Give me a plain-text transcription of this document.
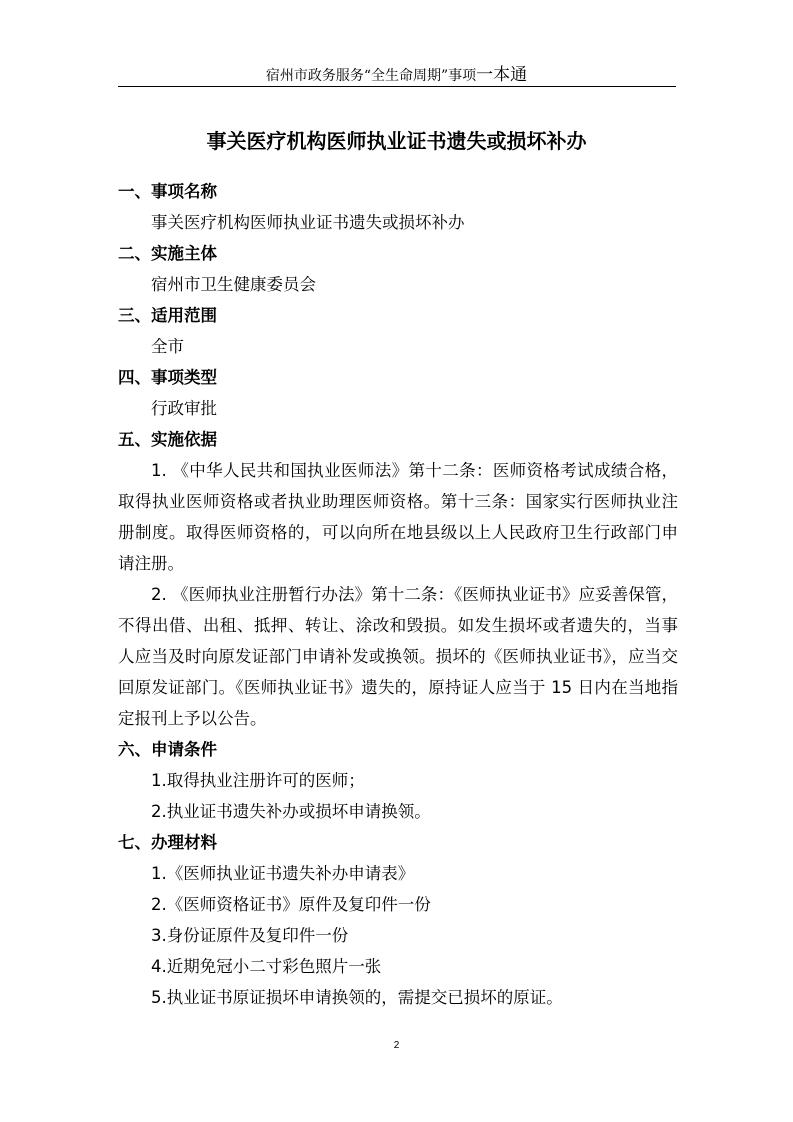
宿州市政务服务“全生命周期”事项一本通
事关医疗机构医师执业证书遗失或损坏补办
一、事项名称
事关医疗机构医师执业证书遗失或损坏补办
二、实施主体
宿州市卫生健康委员会
三、适用范围
全市
四、事项类型
行政审批
五、实施依据
1. 《中华人民共和国执业医师法》第十二条：医师资格考试成绩合格，取得执业医师资格或者执业助理医师资格。第十三条：国家实行医师执业注册制度。取得医师资格的，可以向所在地县级以上人民政府卫生行政部门申请注册。
2. 《医师执业注册暂行办法》第十二条：《医师执业证书》应妥善保管，不得出借、出租、抵押、转让、涂改和毁损。如发生损坏或者遗失的，当事人应当及时向原发证部门申请补发或换领。损坏的《医师执业证书》，应当交回原发证部门。《医师执业证书》遗失的，原持证人应当于 15 日内在当地指定报刊上予以公告。
六、申请条件
1.取得执业注册许可的医师；
2.执业证书遗失补办或损坏申请换领。
七、办理材料
1.《医师执业证书遗失补办申请表》
2.《医师资格证书》原件及复印件一份
3.身份证原件及复印件一份
4.近期免冠小二寸彩色照片一张
5.执业证书原证损坏申请换领的，需提交已损坏的原证。
2
